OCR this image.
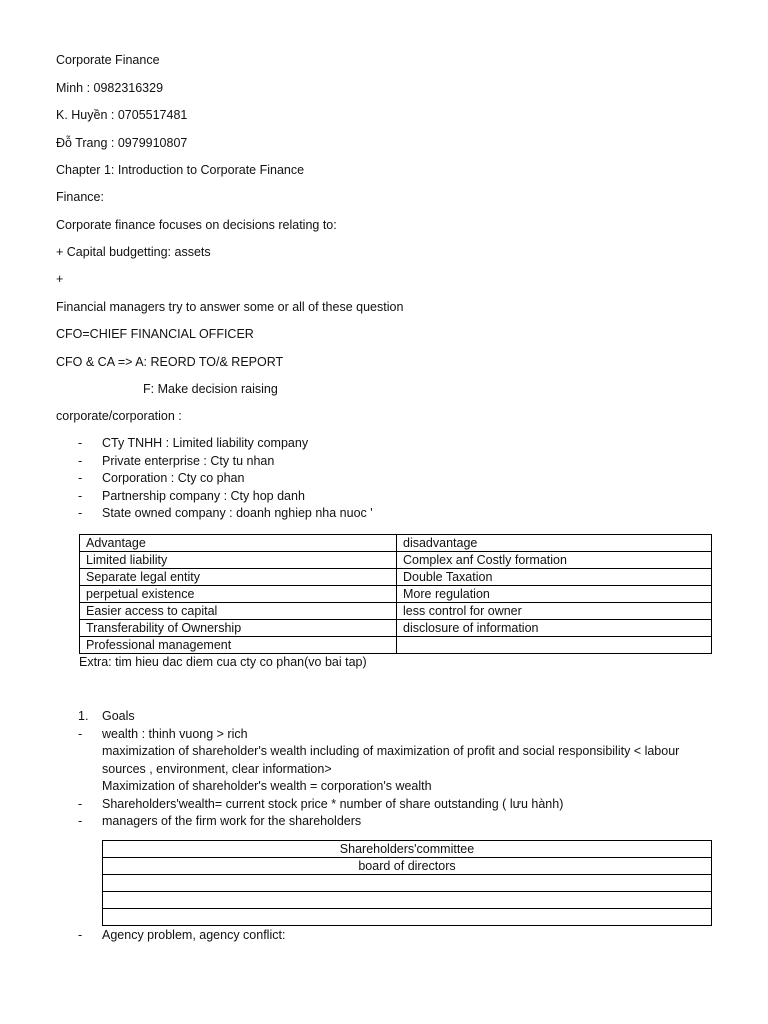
Corporate Finance
Minh : 0982316329
K. Huyền : 0705517481
Đỗ Trang : 0979910807
Chapter 1: Introduction to Corporate Finance
Finance:
Corporate finance focuses on decisions relating to:
+ Capital budgetting: assets
+
Financial managers try to answer some or all of these question
CFO=CHIEF FINANCIAL OFFICER
CFO & CA => A: REORD TO/& REPORT
F: Make decision raising
corporate/corporation :
- CTy TNHH : Limited liability company
- Private enterprise : Cty tu nhan
- Corporation : Cty co phan
- Partnership company : Cty hop danh
- State owned company : doanh nghiep nha nuoc '
Advantage	disadvantage
Limited liability	Complex anf Costly formation
Separate legal entity	Double Taxation
perpetual existence	More regulation
Easier access to capital	less control for owner
Transferability of Ownership	disclosure of information
Professional management	
Extra: tim hieu dac diem cua cty co phan(vo bai tap)
1. Goals
- wealth : thinh vuong > rich
maximization of shareholder's wealth including of maximization of profit and social responsibility < labour
sources , environment, clear information>
Maximization of shareholder's wealth = corporation's wealth
- Shareholders'wealth= current stock price * number of share outstanding ( lưu hành)
- managers of the firm work for the shareholders
Shareholders'committee
board of directors

- Agency problem, agency conflict:
